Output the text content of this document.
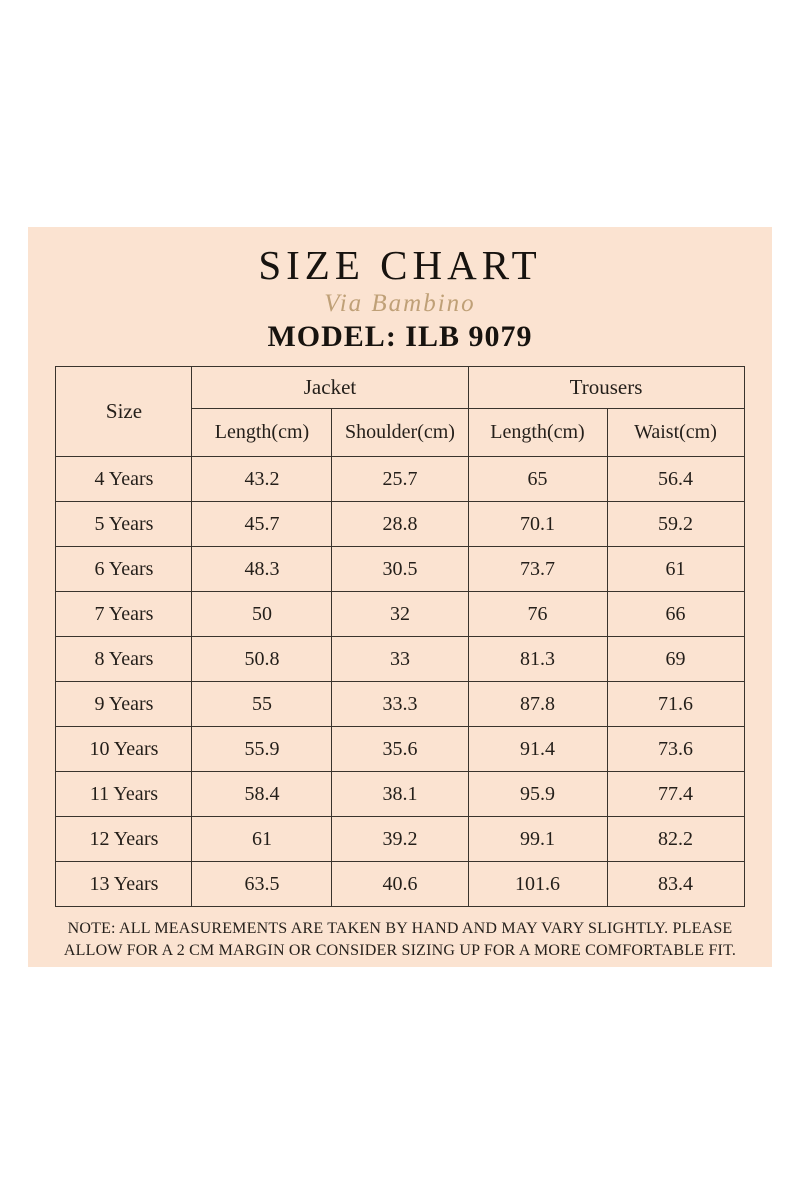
SIZE CHART
Via Bambino
MODEL: ILB 9079
Size	Jacket		Trousers	
	Length(cm)	Shoulder(cm)	Length(cm)	Waist(cm)
4 Years	43.2	25.7	65	56.4
5 Years	45.7	28.8	70.1	59.2
6 Years	48.3	30.5	73.7	61
7 Years	50	32	76	66
8 Years	50.8	33	81.3	69
9 Years	55	33.3	87.8	71.6
10 Years	55.9	35.6	91.4	73.6
11 Years	58.4	38.1	95.9	77.4
12 Years	61	39.2	99.1	82.2
13 Years	63.5	40.6	101.6	83.4
NOTE: ALL MEASUREMENTS ARE TAKEN BY HAND AND MAY VARY SLIGHTLY. PLEASE ALLOW FOR A 2 CM MARGIN OR CONSIDER SIZING UP FOR A MORE COMFORTABLE FIT.
